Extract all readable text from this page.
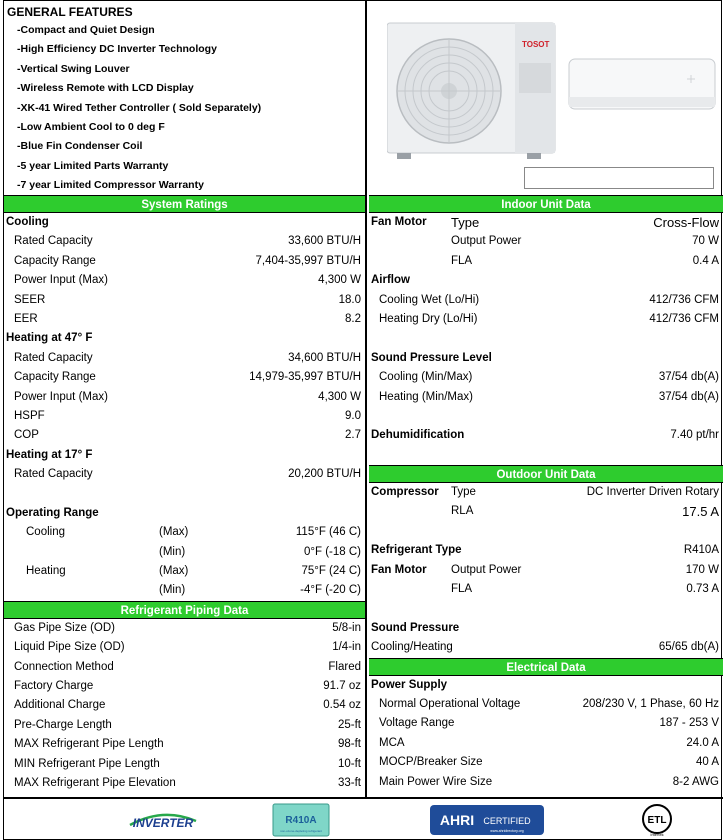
GENERAL FEATURES
-Compact and Quiet Design
-High Efficiency DC Inverter Technology
-Vertical Swing Louver
-Wireless Remote with LCD Display
-XK-41 Wired Tether Controller ( Sold Separately)
-Low Ambient Cool to 0 deg F
-Blue Fin Condenser Coil
-5 year Limited Parts Warranty
-7 year Limited Compressor Warranty
System Ratings
Cooling
Rated Capacity	33,600 BTU/H
Capacity Range	7,404-35,997 BTU/H
Power Input (Max)	4,300 W
SEER	18.0
EER	8.2
Heating at 47° F
Rated Capacity	34,600 BTU/H
Capacity Range	14,979-35,997 BTU/H
Power Input (Max)	4,300 W
HSPF	9.0
COP	2.7
Heating at 17° F
Rated Capacity	20,200 BTU/H
Operating Range
Cooling	(Max)	115°F (46 C)
(Min)	0°F (-18 C)
Heating	(Max)	75°F (24 C)
(Min)	-4°F (-20 C)
Refrigerant Piping Data
Gas Pipe Size (OD)	5/8-in
Liquid Pipe Size (OD)	1/4-in
Connection Method	Flared
Factory Charge	91.7 oz
Additional Charge	0.54 oz
Pre-Charge Length	25-ft
MAX Refrigerant Pipe Length	98-ft
MIN Refrigerant Pipe Length	10-ft
MAX Refrigerant Pipe Elevation	33-ft
TOSOT
Indoor Unit Data
Fan Motor Type	Cross-Flow
Output Power	70 W
FLA	0.4 A
Airflow
Cooling Wet (Lo/Hi)	412/736 CFM
Heating Dry (Lo/Hi)	412/736 CFM
Sound Pressure Level
Cooling (Min/Max)	37/54 db(A)
Heating (Min/Max)	37/54 db(A)
Dehumidification	7.40 pt/hr
Outdoor Unit Data
Compressor Type	DC Inverter Driven Rotary
RLA	17.5 A
Refrigerant Type	R410A
Fan Motor Output Power	170 W
FLA	0.73 A
Sound Pressure
Cooling/Heating	65/65 db(A)
Electrical Data
Power Supply
Normal Operational Voltage	208/230 V, 1 Phase, 60 Hz
Voltage Range	187 - 253 V
MCA	24.0 A
MOCP/Breaker Size	40 A
Main Power Wire Size	8-2 AWG
INVERTER	R410A
non-ozone-depleting refrigerant
AHRI CERTIFIED
www.ahridirectory.org
ETL
Intertek
